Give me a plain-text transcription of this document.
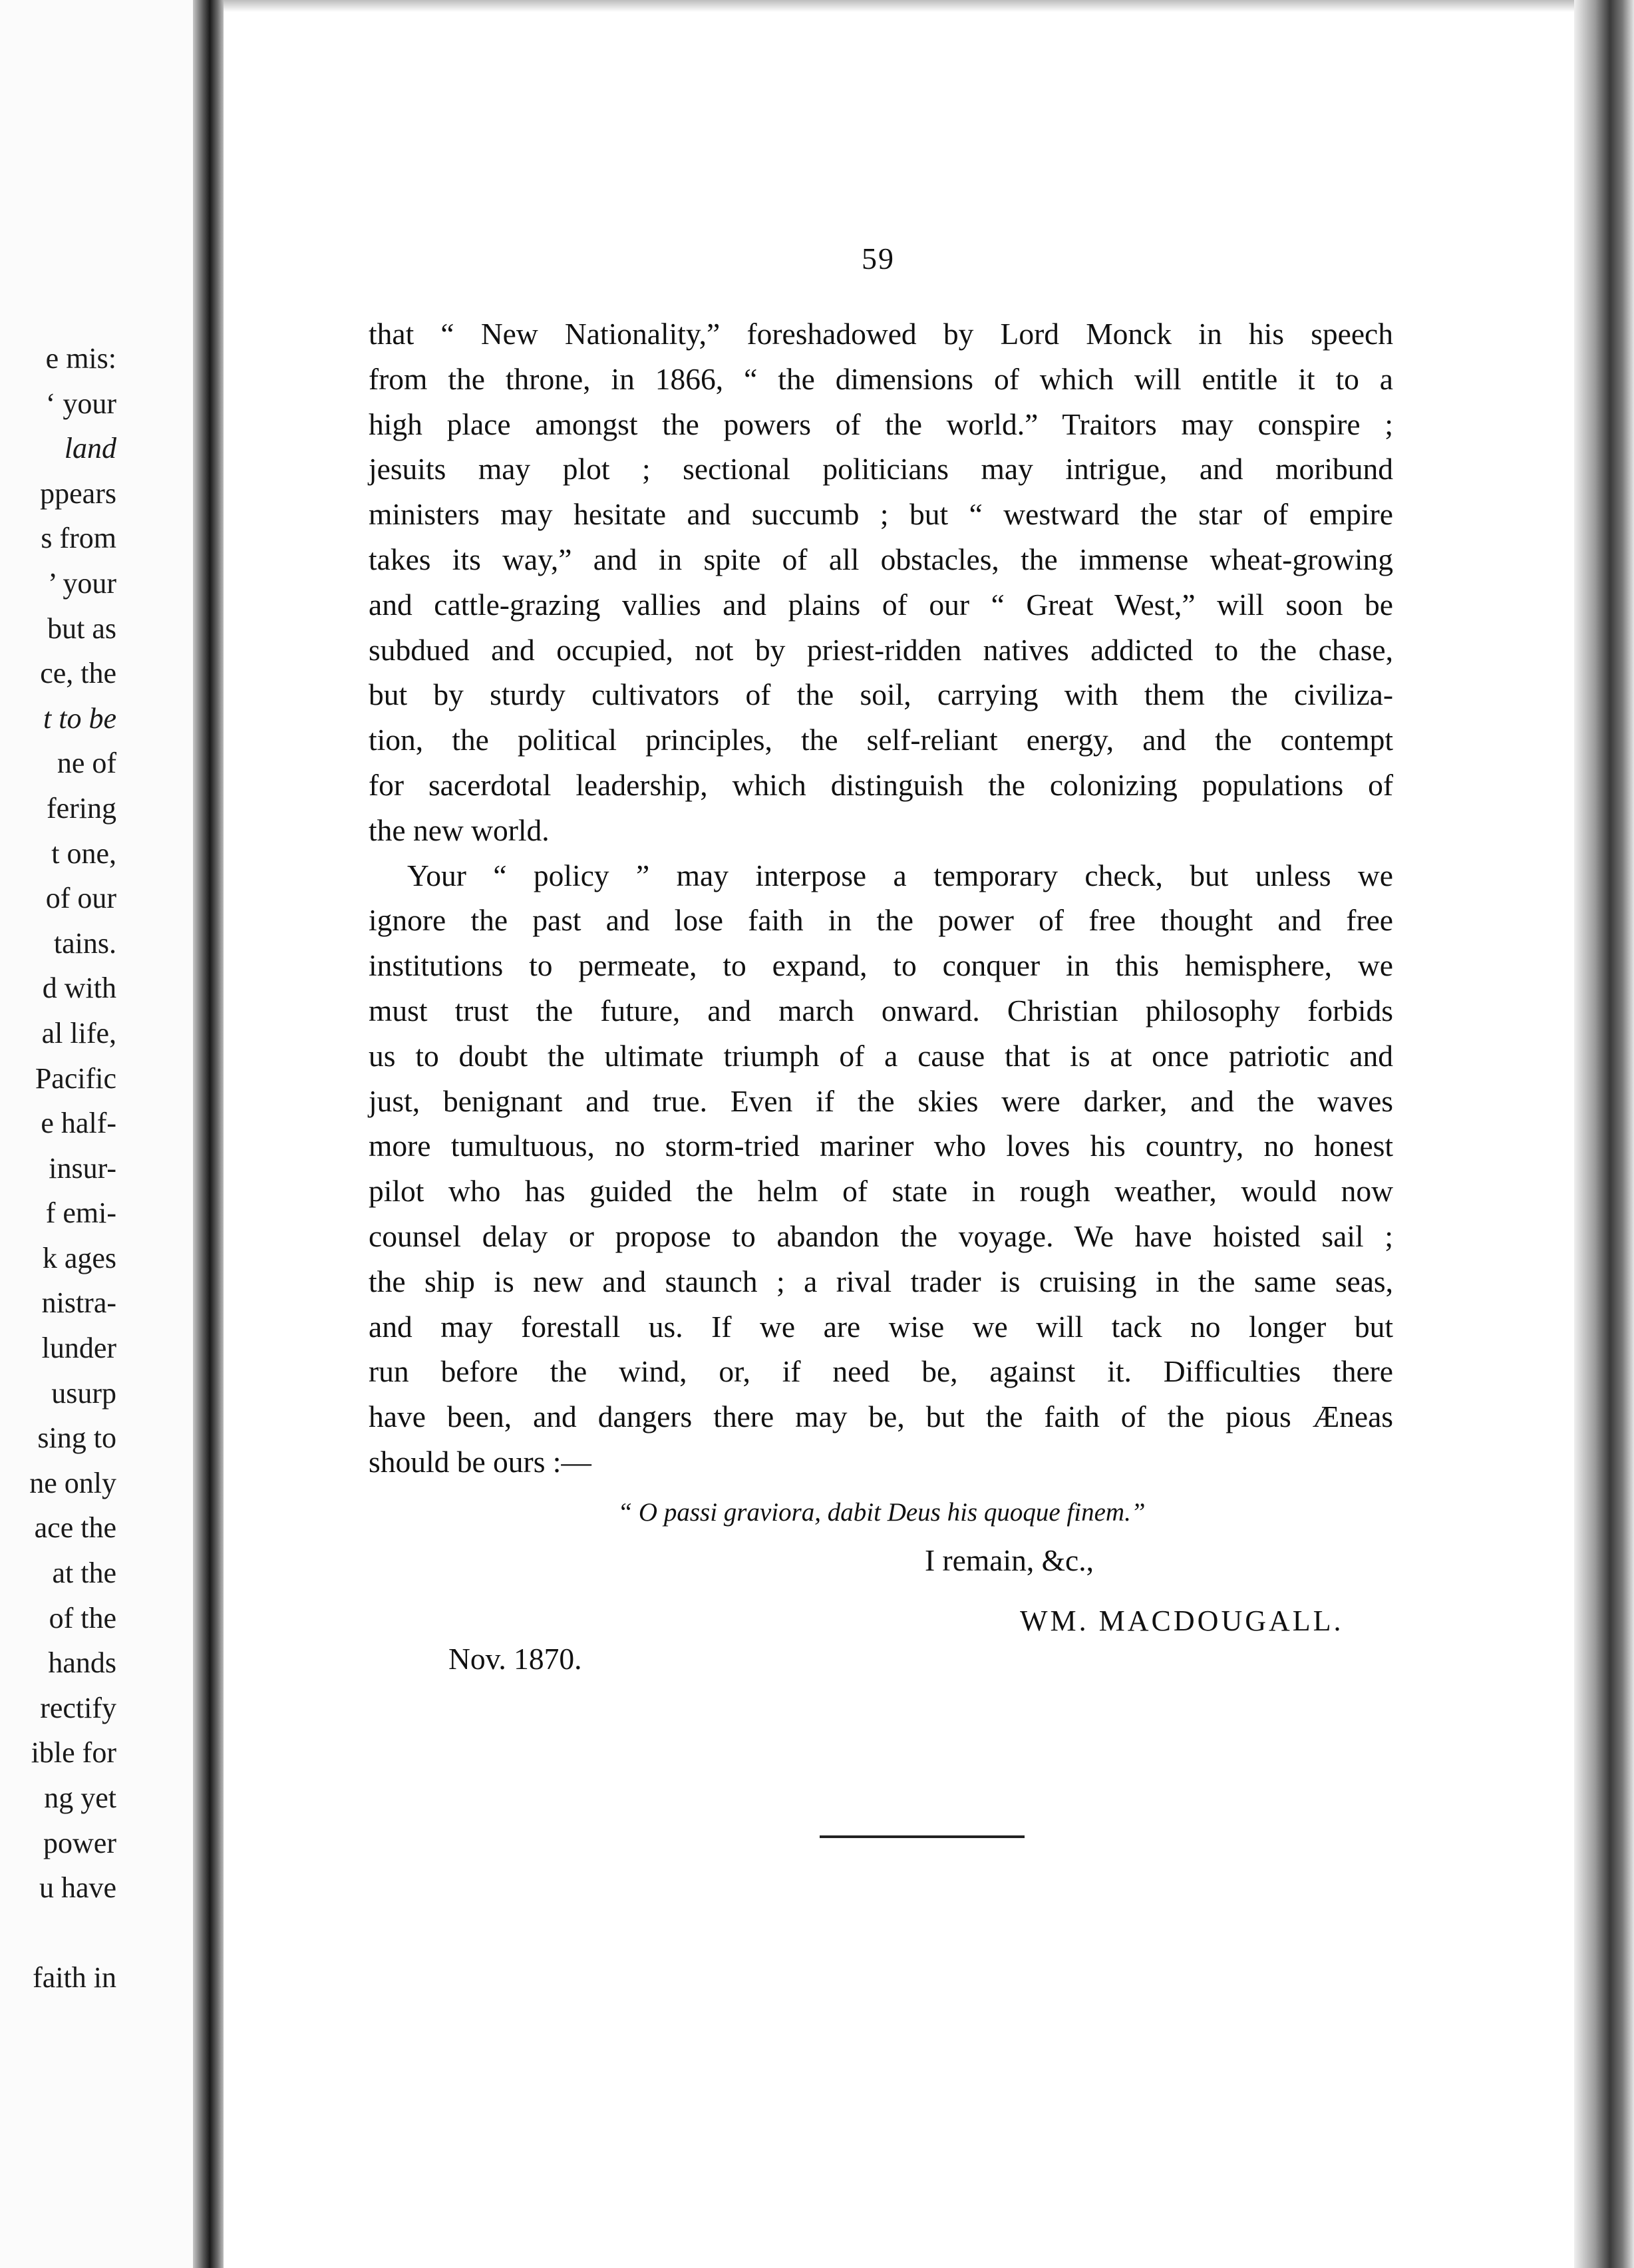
e mis:
‘ your
land
ppears
s from
’ your
but as
ce, the
t to be
ne of
fering
t one,
of our
tains.
d with
al life,
Pacific
e half-
insur-
f emi-
k ages
nistra-
lunder
usurp
sing to
ne only
ace the
at the
of the
hands
rectify
ible for
ng yet
power
u have
faith in
59
that “ New Nationality,” foreshadowed by Lord Monck in his speech
from the throne, in 1866, “ the dimensions of which will entitle it to a
high place amongst the powers of the world.” Traitors may conspire ;
jesuits may plot ; sectional politicians may intrigue, and moribund
ministers may hesitate and succumb ; but “ westward the star of empire
takes its way,” and in spite of all obstacles, the immense wheat-growing
and cattle-grazing vallies and plains of our “ Great West,” will soon be
subdued and occupied, not by priest-ridden natives addicted to the chase,
but by sturdy cultivators of the soil, carrying with them the civiliza-
tion, the political principles, the self-reliant energy, and the contempt
for sacerdotal leadership, which distinguish the colonizing populations of
the new world.
Your “ policy ” may interpose a temporary check, but unless we
ignore the past and lose faith in the power of free thought and free
institutions to permeate, to expand, to conquer in this hemisphere, we
must trust the future, and march onward. Christian philosophy forbids
us to doubt the ultimate triumph of a cause that is at once patriotic and
just, benignant and true. Even if the skies were darker, and the waves
more tumultuous, no storm-tried mariner who loves his country, no honest
pilot who has guided the helm of state in rough weather, would now
counsel delay or propose to abandon the voyage. We have hoisted sail ;
the ship is new and staunch ; a rival trader is cruising in the same seas,
and may forestall us. If we are wise we will tack no longer but
run before the wind, or, if need be, against it. Difficulties there
have been, and dangers there may be, but the faith of the pious Æneas
should be ours :—
“ O passi graviora, dabit Deus his quoque finem.”
I remain, &c.,
WM. MACDOUGALL.
Nov. 1870.
